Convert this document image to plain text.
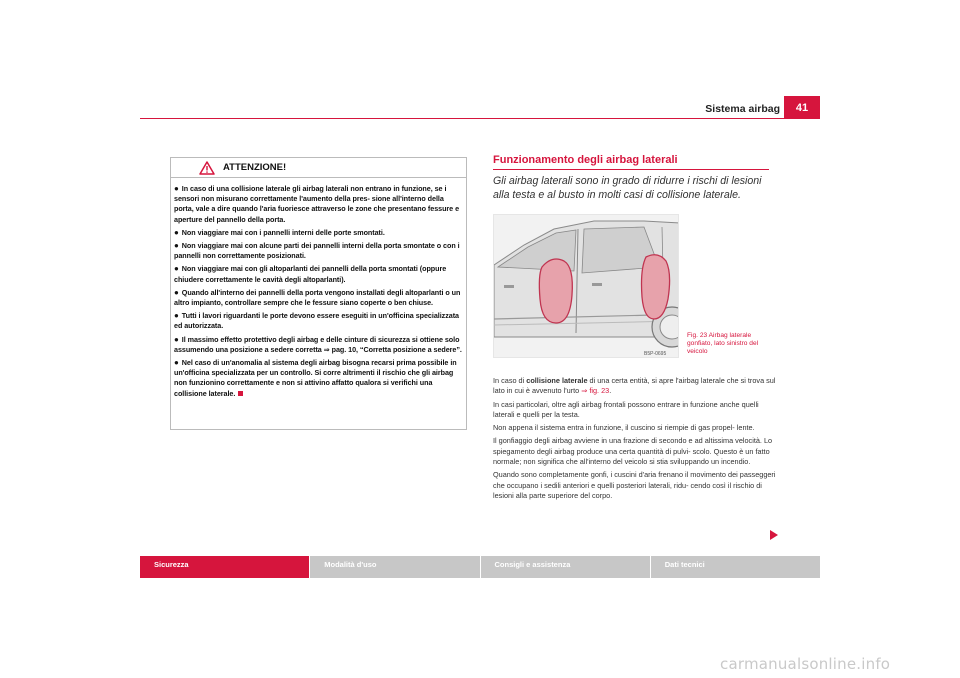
Sistema airbag	41
ATTENZIONE!
● In caso di una collisione laterale gli airbag laterali non entrano in funzione, se i sensori non misurano correttamente l'aumento della pres- sione all'interno della porta, vale a dire quando l'aria fuoriesce attraverso le zone che presentano fessure e aperture del pannello della porta.
● Non viaggiare mai con i pannelli interni delle porte smontati.
● Non viaggiare mai con alcune parti dei pannelli interni della porta smontate o con i pannelli non correttamente posizionati.
● Non viaggiare mai con gli altoparlanti dei pannelli della porta smontati (oppure chiudere correttamente le cavità degli altoparlanti).
● Quando all'interno dei pannelli della porta vengono installati degli altoparlanti o un altro impianto, controllare sempre che le fessure siano coperte o ben chiuse.
● Tutti i lavori riguardanti le porte devono essere eseguiti in un'officina specializzata ed autorizzata.
● Il massimo effetto protettivo degli airbag e delle cinture di sicurezza si ottiene solo assumendo una posizione a sedere corretta ⇒ pag. 10, “Corretta posizione a sedere”.
● Nel caso di un'anomalia al sistema degli airbag bisogna recarsi prima possibile in un'officina specializzata per un controllo. Si corre altrimenti il rischio che gli airbag non funzionino correttamente e non si attivino affatto qualora si verifichi una collisione laterale.
Funzionamento degli airbag laterali
Gli airbag laterali sono in grado di ridurre i rischi di lesioni alla testa e al busto in molti casi di collisione laterale.
B5P-0695
Fig. 23 Airbag laterale gonfiato, lato sinistro del veicolo

In caso di collisione laterale di una certa entità, si apre l'airbag laterale che si trova sul lato in cui è avvenuto l'urto ⇒ fig. 23.

In casi particolari, oltre agli airbag frontali possono entrare in funzione anche quelli laterali e quelli per la testa.

Non appena il sistema entra in funzione, il cuscino si riempie di gas propel- lente.

Il gonfiaggio degli airbag avviene in una frazione di secondo e ad altissima velocità. Lo spiegamento degli airbag produce una certa quantità di pulvi- scolo. Questo è un fatto normale; non significa che all'interno del veicolo si stia sviluppando un incendio.

Quando sono completamente gonfi, i cuscini d'aria frenano il movimento dei passeggeri che occupano i sedili anteriori e quelli posteriori laterali, ridu- cendo così il rischio di lesioni alla parte superiore del corpo.

Sicurezza	Modalità d'uso	Consigli e assistenza	Dati tecnici
carmanualsonline.info
